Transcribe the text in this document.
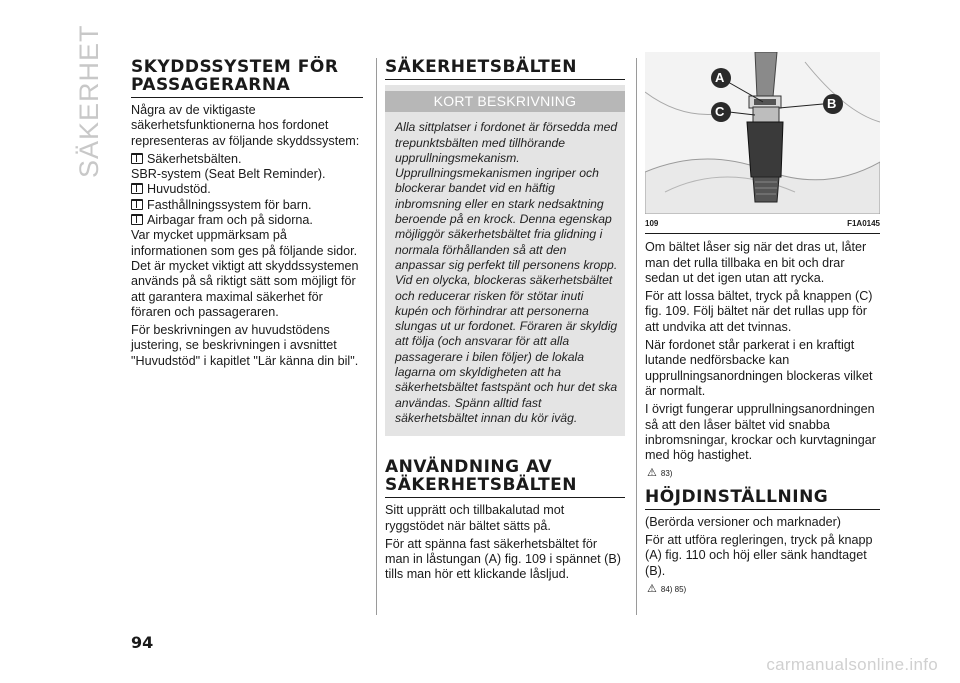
SÄKERHET SKYDDSSYSTEM FÖR PASSAGERARNA

Några av de viktigaste säkerhetsfunktionerna hos fordonet representeras av följande skyddssystem:

Säkerhetsbälten.
SBR-system (Seat Belt Reminder).
Huvudstöd.
Fasthållningssystem för barn.
Airbagar fram och på sidorna.

Var mycket uppmärksam på informationen som ges på följande sidor. Det är mycket viktigt att skyddssystemen används på så riktigt sätt som möjligt för att garantera maximal säkerhet för föraren och passageraren.

För beskrivningen av huvudstödens justering, se beskrivningen i avsnittet "Huvudstöd" i kapitlet "Lär känna din bil".

SÄKERHETSBÄLTEN
KORT BESKRIVNING

Alla sittplatser i fordonet är försedda med trepunktsbälten med tillhörande upprullningsmekanism. Upprullningsmekanismen ingriper och blockerar bandet vid en häftig inbromsning eller en stark nedsaktning beroende på en krock. Denna egenskap möjliggör säkerhetsbältet fria glidning i normala förhållanden så att den anpassar sig perfekt till personens kropp. Vid en olycka, blockeras säkerhetsbältet och reducerar risken för stötar inuti kupén och förhindrar att personerna slungas ut ur fordonet. Föraren är skyldig att följa (och ansvarar för att alla passagerare i bilen följer) de lokala lagarna om skyldigheten att ha säkerhetsbältet fastspänt och hur det ska användas. Spänn alltid fast säkerhetsbältet innan du kör iväg.

ANVÄNDNING AV SÄKERHETSBÄLTEN

Sitt upprätt och tillbakalutad mot ryggstödet när bältet sätts på.

För att spänna fast säkerhetsbältet för man in låstungan (A) fig. 109 i spännet (B) tills man hör ett klickande låsljud.

A
B
C
109	F1A0145

Om bältet låser sig när det dras ut, låter man det rulla tillbaka en bit och drar sedan ut det igen utan att rycka.

För att lossa bältet, tryck på knappen (C) fig. 109. Följ bältet när det rullas upp för att undvika att det tvinnas.

När fordonet står parkerat i en kraftigt lutande nedförsbacke kan upprullningsanordningen blockeras vilket är normalt.

I övrigt fungerar upprullningsanordningen så att den låser bältet vid snabba inbromsningar, krockar och kurvtagningar med hög hastighet.

⚠ 83)
HÖJDINSTÄLLNING

(Berörda versioner och marknader)

För att utföra regleringen, tryck på knapp (A) fig. 110 och höj eller sänk handtaget (B).

⚠ 84) 85)
94
carmanualsonline.info
